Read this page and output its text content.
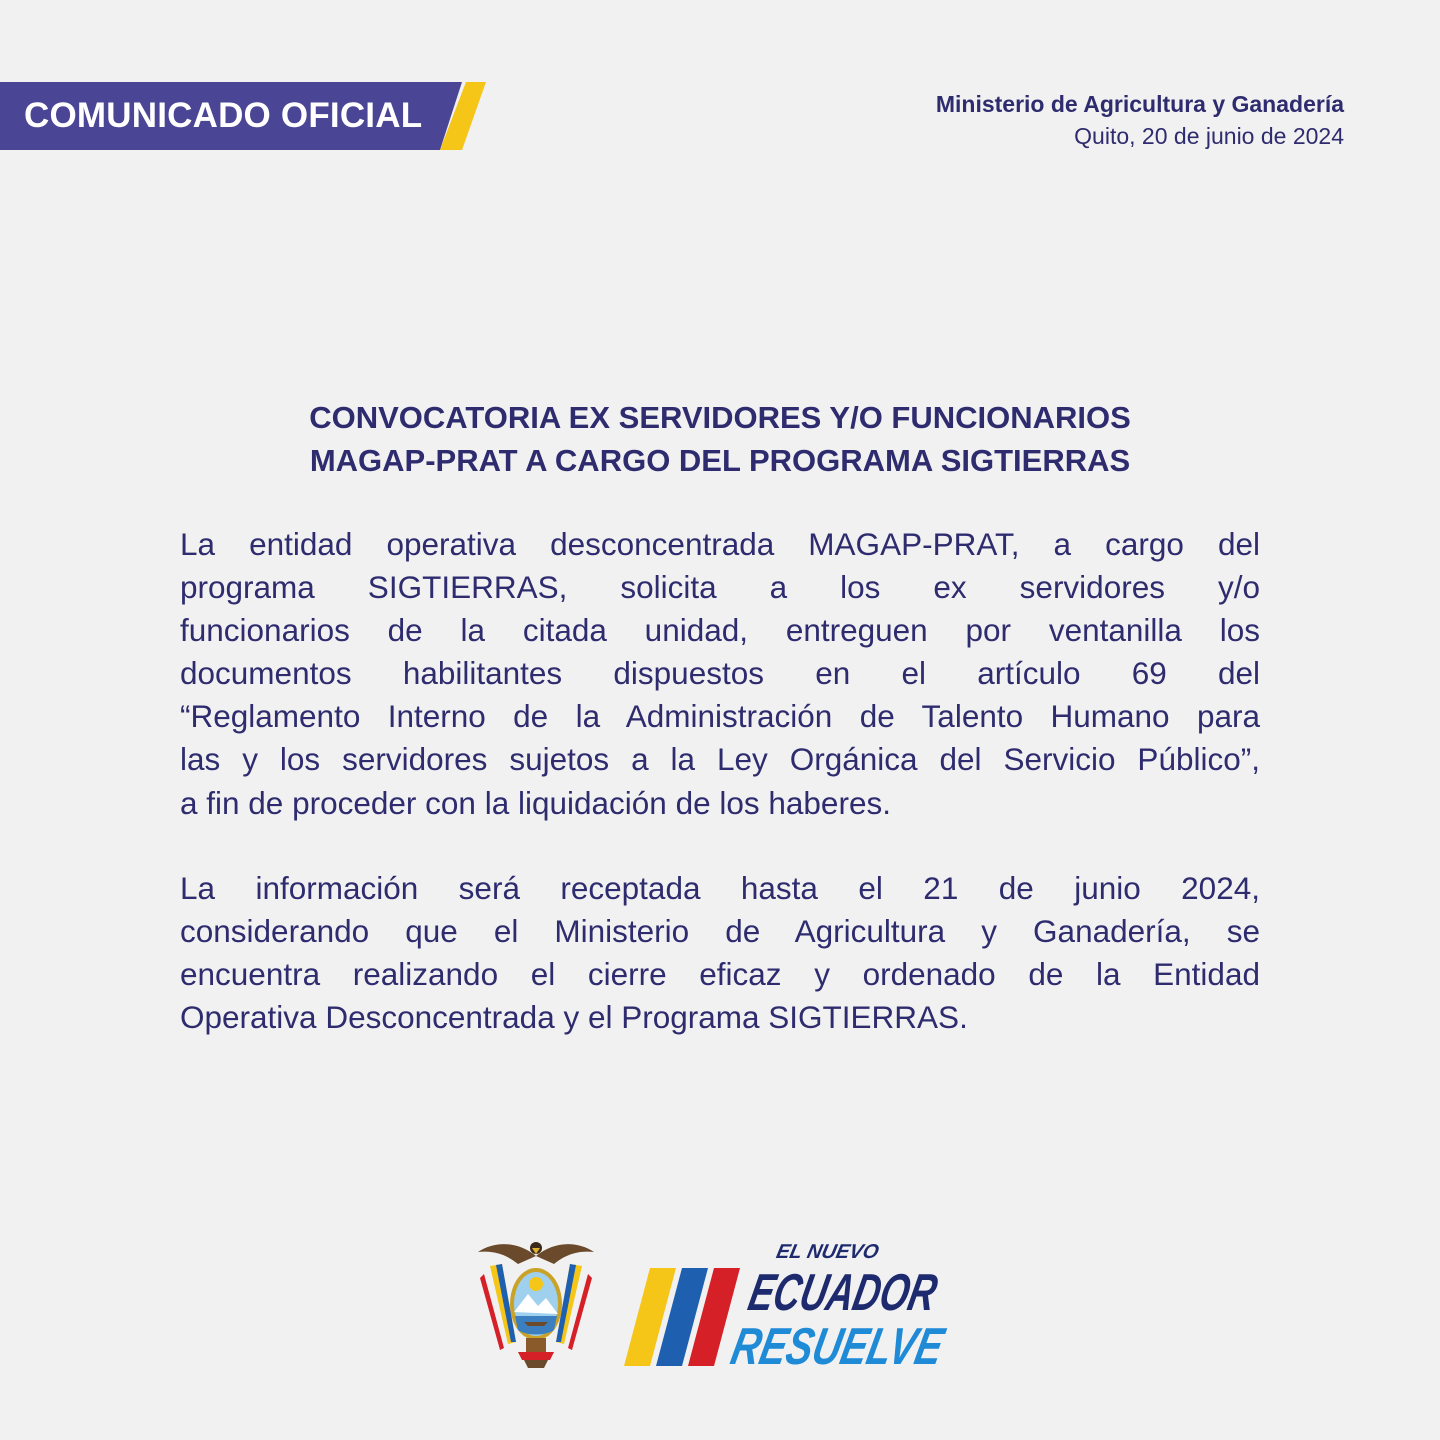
COMUNICADO OFICIAL	Ministerio de Agricultura y Ganadería
Quito, 20 de junio de 2024
CONVOCATORIA EX SERVIDORES Y/O FUNCIONARIOS
MAGAP-PRAT A CARGO DEL PROGRAMA SIGTIERRAS
La entidad operativa desconcentrada MAGAP-PRAT, a cargo del
programa SIGTIERRAS, solicita a los ex servidores y/o
funcionarios de la citada unidad, entreguen por ventanilla los
documentos habilitantes dispuestos en el artículo 69 del
“Reglamento Interno de la Administración de Talento Humano para
las y los servidores sujetos a la Ley Orgánica del Servicio Público”,
a fin de proceder con la liquidación de los haberes.
La información será receptada hasta el 21 de junio 2024,
considerando que el Ministerio de Agricultura y Ganadería, se
encuentra realizando el cierre eficaz y ordenado de la Entidad
Operativa Desconcentrada y el Programa SIGTIERRAS.
EL NUEVO
ECUADOR
RESUELVE
